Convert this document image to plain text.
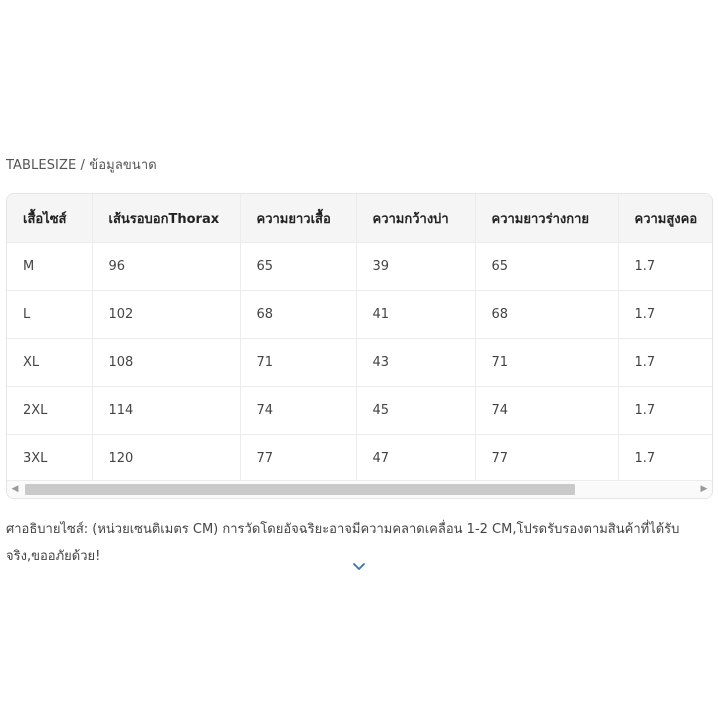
TABLESIZE / ข้อมูลขนาด
เสื้อไซส์	เส้นรอบอกThorax	ความยาวเสื้อ	ความกว้างบ่า	ความยาวร่างกาย	ความสูงคอ
M	96	65	39	65	1.7
L	102	68	41	68	1.7
XL	108	71	43	71	1.7
2XL	114	74	45	74	1.7
3XL	120	77	47	77	1.7
◀	▶
ศาอธิบายไซส์: (หน่วยเซนติเมตร CM) การวัดโดยอัจฉริยะอาจมีความคลาดเคลื่อน 1-2 CM,โปรดรับรองตามสินค้าที่ได้รับจริง,ขออภัยด้วย!
